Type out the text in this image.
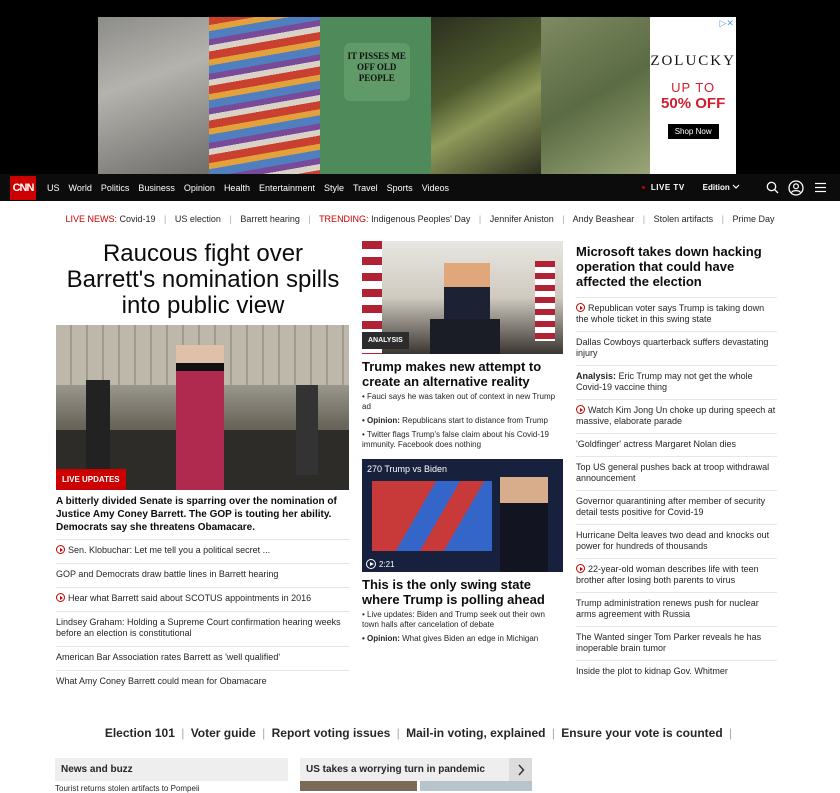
IT PISSES ME OFF OLD PEOPLE
▷✕
ZOLUCKY
UP TO
50% OFF
Shop Now
CNN US World Politics Business Opinion Health Entertainment Style Travel Sports Videos	LIVE TV Edition
LIVE NEWS: Covid-19 | US election | Barrett hearing | TRENDING: Indigenous Peoples' Day | Jennifer Aniston | Andy Beashear | Stolen artifacts | Prime Day
Raucous fight over Barrett's nomination spills into public view
LIVE UPDATES
A bitterly divided Senate is sparring over the nomination of Justice Amy Coney Barrett. The GOP is touting her ability. Democrats say she threatens Obamacare.
Sen. Klobuchar: Let me tell you a political secret ...
GOP and Democrats draw battle lines in Barrett hearing
Hear what Barrett said about SCOTUS appointments in 2016
Lindsey Graham: Holding a Supreme Court confirmation hearing weeks before an election is constitutional
American Bar Association rates Barrett as 'well qualified'
What Amy Coney Barrett could mean for Obamacare
ANALYSIS
Trump makes new attempt to create an alternative reality
• Fauci says he was taken out of context in new Trump ad
• Opinion: Republicans start to distance from Trump
• Twitter flags Trump's false claim about his Covid-19 immunity. Facebook does nothing
270 Trump vs Biden
2:21
This is the only swing state where Trump is polling ahead
• Live updates: Biden and Trump seek out their own town halls after cancelation of debate
• Opinion: What gives Biden an edge in Michigan
Microsoft takes down hacking operation that could have affected the election
Republican voter says Trump is taking down the whole ticket in this swing state
Dallas Cowboys quarterback suffers devastating injury
Analysis: Eric Trump may not get the whole Covid-19 vaccine thing
Watch Kim Jong Un choke up during speech at massive, elaborate parade
'Goldfinger' actress Margaret Nolan dies
Top US general pushes back at troop withdrawal announcement
Governor quarantining after member of security detail tests positive for Covid-19
Hurricane Delta leaves two dead and knocks out power for hundreds of thousands
22-year-old woman describes life with teen brother after losing both parents to virus
Trump administration renews push for nuclear arms agreement with Russia
The Wanted singer Tom Parker reveals he has inoperable brain tumor
Inside the plot to kidnap Gov. Whitmer
Election 101 | Voter guide | Report voting issues | Mail-in voting, explained | Ensure your vote is counted |
News and buzz
Tourist returns stolen artifacts to Pompeii
US takes a worrying turn in pandemic
